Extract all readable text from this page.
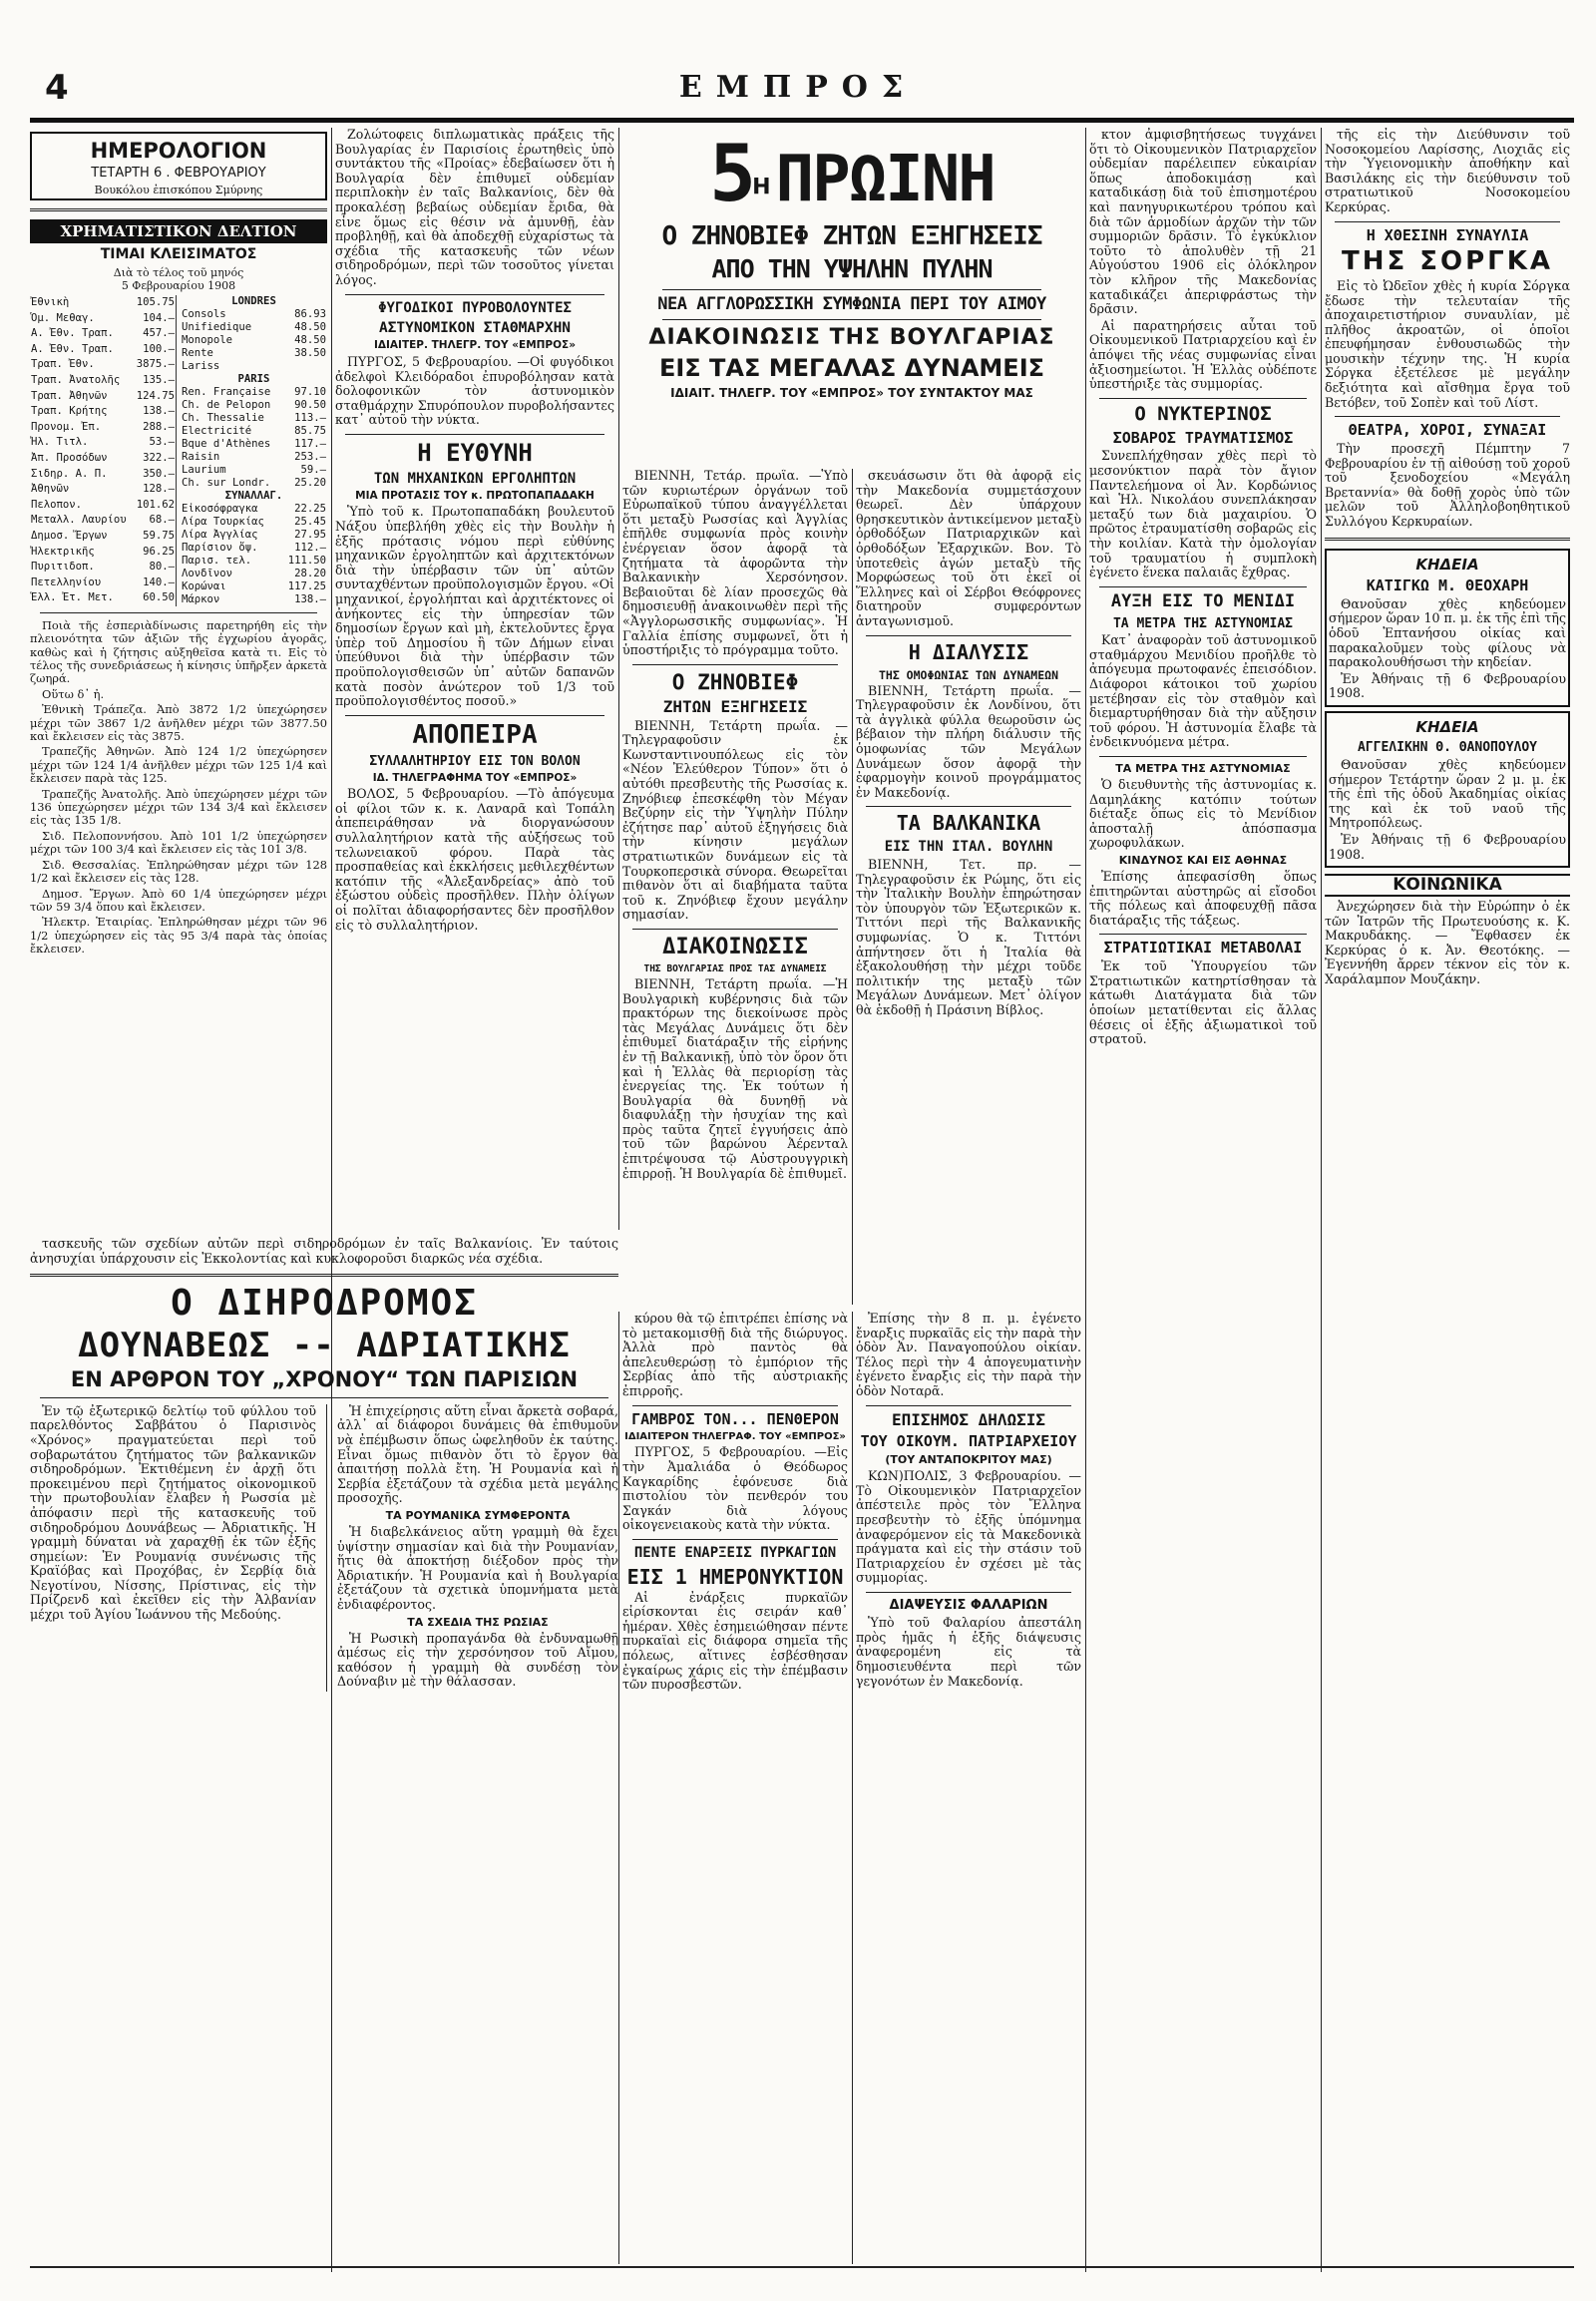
4	ΕΜΠΡΟΣ
ΗΜΕΡΟΛΟΓΙΟΝ
ΤΕΤΑΡΤΗ 6 . ΦΕΒΡΟΥΑΡΙΟΥ
Βουκόλου ἐπισκόπου Σμύρνης
ΧΡΗΜΑΤΙΣΤΙΚΟΝ ΔΕΛΤΙΟΝ
ΤΙΜΑΙ ΚΛΕΙΣΙΜΑΤΟΣ
Διὰ τὸ τέλος τοῦ μηνός
5 Φεβρουαρίου 1908
Ἐθνικὴ	105.75
Ὁμ. Μεθαγ.	104.—
Α. Ἐθν. Τραπ.	457.—
Α. Ἐθν. Τραπ.	100.—
Τραπ. Ἐθν.	3875.—
Τραπ. Ἀνατολῆς	135.—
Τραπ. Ἀθηνῶν	124.75
Τραπ. Κρήτης	138.—
Προνομ. Ἐπ.	288.—
Ἠλ. Τιτλ.	53.—
Ἀπ. Προσόδων	322.—
Σιδηρ. Α. Π.	350.—
Ἀθηνῶν	128.—
Πελοπον.	101.62
Μεταλλ. Λαυρίου	68.—
Δημοσ. Ἔργων	59.75
Ἠλεκτρικῆς	96.25
Πυριτιδοπ.	80.—
Πετελληνίου	140.—
Ἑλλ. Ἐτ. Μετ.	60.50
LONDRES	
Consols	86.93
Unifiedique	48.50
Monopole	48.50
Rente	38.50
Lariss	
PARIS	
Ren. Française	97.10
Ch. de Pelopon	90.50
Ch. Thessalie	113.—
Electricité	85.75
Bque d'Athènes	117.—
Raisin	253.—
Laurium	59.—
Ch. sur Londr.	25.20
ΣΥΝΑΛΛΑΓ.	
Εἰκοσόφραγκα	22.25
Λίρα Τουρκίας	25.45
Λίρα Ἀγγλίας	27.95
Παρίσιον ὄψ.	112.—
Παρισ. τελ.	111.50
Λονδῖνον	28.20
Κορώναι	117.25
Μάρκον	138.—

Ποιὰ τῆς ἑσπεριὰδίνωσις παρετηρήθη εἰς τὴν πλειονότητα τῶν ἀξιῶν τῆς ἐγχωρίου ἀγορᾶς, καθὼς καὶ ἡ ζήτησις αὐξηθεῖσα κατὰ τι. Εἰς τὸ τέλος τῆς συνεδριάσεως ἡ κίνησις ὑπῆρξεν ἀρκετὰ ζωηρά.

Οὕτω δ᾽ ἠ.

Ἐθνικὴ Τράπεζα. Ἀπὸ 3872 1/2 ὑπεχώρησεν μέχρι τῶν 3867 1/2 ἀνῆλθεν μέχρι τῶν 3877.50 καὶ ἔκλεισεν εἰς τὰς 3875.

Τραπεζῆς Ἀθηνῶν. Ἀπὸ 124 1/2 ὑπεχώρησεν μέχρι τῶν 124 1/4 ἀνῆλθεν μέχρι τῶν 125 1/4 καὶ ἔκλεισεν παρὰ τὰς 125.

Τραπεζῆς Ἀνατολῆς. Ἀπὸ ὑπεχώρησεν μέχρι τῶν 136 ὑπεχώρησεν μέχρι τῶν 134 3/4 καὶ ἔκλεισεν εἰς τὰς 135 1/8.

Σιδ. Πελοποννήσου. Ἀπὸ 101 1/2 ὑπεχώρησεν μέχρι τῶν 100 3/4 καὶ ἔκλεισεν εἰς τὰς 101 3/8.

Σιδ. Θεσσαλίας. Ἐπληρώθησαν μέχρι τῶν 128 1/2 καὶ ἔκλεισεν εἰς τὰς 128.

Δημοσ. Ἔργων. Ἀπὸ 60 1/4 ὑπεχώρησεν μέχρι τῶν 59 3/4 ὅπου καὶ ἔκλεισεν.

Ἠλεκτρ. Ἑταιρίας. Ἐπληρώθησαν μέχρι τῶν 96 1/2 ὑπεχώρησεν εἰς τὰς 95 3/4 παρὰ τὰς ὁποίας ἔκλεισεν.

Ζολώτοφεις διπλωματικὰς πράξεις τῆς Βουλγαρίας ἐν Παρισίοις ἐρωτηθεὶς ὑπὸ συντάκτου τῆς «Προίας» ἐδεβαίωσεν ὅτι ἡ Βουλγαρία δὲν ἐπιθυμεῖ οὐδεμίαν περιπλοκὴν ἐν ταῖς Βαλκανίοις, δὲν θὰ προκαλέσῃ βεβαίως οὐδεμίαν ἔριδα, θὰ εἶνε ὅμως εἰς θέσιν νὰ ἀμυνθῇ, ἐὰν προβληθῇ, καὶ θὰ ἀποδεχθῇ εὐχαρίστως τὰ σχέδια τῆς κατασκευῆς τῶν νέων σιδηροδρόμων, περὶ τῶν τοσοῦτος γίνεται λόγος.

ΦΥΓΟΔΙΚΟΙ ΠΥΡΟΒΟΛΟΥΝΤΕΣ
ΑΣΤΥΝΟΜΙΚΟΝ ΣΤΑΘΜΑΡΧΗΝ
ΙΔΙΑΙΤΕΡ. ΤΗΛΕΓΡ. ΤΟΥ «ΕΜΠΡΟΣ»

ΠΥΡΓΟΣ, 5 Φεβρουαρίου. —Οἱ φυγόδικοι ἀδελφοὶ Κλειδόραδοι ἐπυροβόλησαν κατὰ δολοφονικῶν τὸν ἀστυνομικὸν σταθμάρχην Σπυρόπουλον πυροβολήσαντες κατ᾽ αὐτοῦ τὴν νύκτα.

Η ΕΥΘΥΝΗ
ΤΩΝ ΜΗΧΑΝΙΚΩΝ ΕΡΓΟΛΗΠΤΩΝ
ΜΙΑ ΠΡΟΤΑΣΙΣ ΤΟΥ κ. ΠΡΩΤΟΠΑΠΑΔΑΚΗ

Ὑπὸ τοῦ κ. Πρωτοπαπαδάκη βουλευτοῦ Νάξου ὑπεβλήθη χθὲς εἰς τὴν Βουλὴν ἡ ἑξῆς πρότασις νόμου περὶ εὐθύνης μηχανικῶν ἐργοληπτῶν καὶ ἀρχιτεκτόνων διὰ τὴν ὑπέρβασιν τῶν ὑπ᾽ αὐτῶν συνταχθέντων προϋπολογισμῶν ἔργου. «Οἱ μηχανικοί, ἐργολήπται καὶ ἀρχιτέκτονες οἱ ἀνήκοντες εἰς τὴν ὑπηρεσίαν τῶν δημοσίων ἔργων καὶ μὴ, ἐκτελοῦντες ἔργα ὑπὲρ τοῦ Δημοσίου ἢ τῶν Δήμων εἶναι ὑπεύθυνοι διὰ τὴν ὑπέρβασιν τῶν προϋπολογισθεισῶν ὑπ᾽ αὐτῶν δαπανῶν κατὰ ποσὸν ἀνώτερον τοῦ 1/3 τοῦ προϋπολογισθέντος ποσοῦ.»

ΑΠΟΠΕΙΡΑ
ΣΥΛΛΑΛΗΤΗΡΙΟΥ ΕΙΣ ΤΟΝ ΒΟΛΟΝ
ΙΔ. ΤΗΛΕΓΡΑΦΗΜΑ ΤΟΥ «ΕΜΠΡΟΣ»

ΒΟΛΟΣ, 5 Φεβρουαρίου. —Τὸ ἀπόγευμα οἱ φίλοι τῶν κ. κ. Λαναρᾶ καὶ Τοπάλη ἀπεπειράθησαν νὰ διοργανώσουν συλλαλητήριον κατὰ τῆς αὐξήσεως τοῦ τελωνειακοῦ φόρου. Παρὰ τὰς προσπαθείας καὶ ἐκκλήσεις μεθιλεχθέντων κατόπιν τῆς «Ἀλεξανδρείας» ἀπὸ τοῦ ἐξώστου οὐδεὶς προσῆλθεν. Πλὴν ὀλίγων οἱ πολῖται ἀδιαφορήσαντες δὲν προσῆλθον εἰς τὸ συλλαλητήριον.

$5^H$ ΠΡΩΙΝΗ
Ο ΖΗΝΟΒΙΕΦ ΖΗΤΩΝ ΕΞΗΓΗΣΕΙΣ
ΑΠΟ ΤΗΝ ΥΨΗΛΗΝ ΠΥΛΗΝ
ΝΕΑ ΑΓΓΛΟΡΩΣΣΙΚΗ ΣΥΜΦΩΝΙΑ ΠΕΡΙ ΤΟΥ ΑΙΜΟΥ
ΔΙΑΚΟΙΝΩΣΙΣ ΤΗΣ ΒΟΥΛΓΑΡΙΑΣ
ΕΙΣ ΤΑΣ ΜΕΓΑΛΑΣ ΔΥΝΑΜΕΙΣ
ΙΔΙΑΙΤ. ΤΗΛΕΓΡ. ΤΟΥ «ΕΜΠΡΟΣ» ΤΟΥ ΣΥΝΤΑΚΤΟΥ ΜΑΣ

ΒΙΕΝΝΗ, Τετάρ. πρωΐα. —Ὑπὸ τῶν κυριωτέρων ὀργάνων τοῦ Εὐρωπαϊκοῦ τύπου ἀναγγέλλεται ὅτι μεταξὺ Ρωσσίας καὶ Ἀγγλίας ἐπῆλθε συμφωνία πρὸς κοινὴν ἐνέργειαν ὅσον ἀφορᾷ τὰ ζητήματα τὰ ἀφορῶντα τὴν Βαλκανικὴν Χερσόνησον. Βεβαιοῦται δὲ λίαν προσεχῶς θὰ δημοσιευθῇ ἀνακοινωθὲν περὶ τῆς «Ἀγγλορωσσικῆς συμφωνίας». Ἡ Γαλλία ἐπίσης συμφωνεῖ, ὅτι ἡ ὑποστήριξις τὸ πρόγραμμα τοῦτο.

Ο ΖΗΝΟΒΙΕΦ
ΖΗΤΩΝ ΕΞΗΓΗΣΕΙΣ

ΒΙΕΝΝΗ, Τετάρτη πρωΐα. —Τηλεγραφοῦσιν ἐκ Κωνσταντινουπόλεως εἰς τὸν «Νέον Ἐλεύθερον Τύπον» ὅτι ὁ αὐτόθι πρεσβευτὴς τῆς Ρωσσίας κ. Ζηνόβιεφ ἐπεσκέφθη τὸν Μέγαν Βεζύρην εἰς τὴν Ὑψηλὴν Πύλην ἐζήτησε παρ᾽ αὐτοῦ ἐξηγήσεις διὰ τὴν κίνησιν μεγάλων στρατιωτικῶν δυνάμεων εἰς τὰ Τουρκοπερσικὰ σύνορα. Θεωρεῖται πιθανὸν ὅτι αἱ διαβήματα ταῦτα τοῦ κ. Ζηνόβιεφ ἔχουν μεγάλην σημασίαν.

ΔΙΑΚΟΙΝΩΣΙΣ
ΤΗΣ ΒΟΥΛΓΑΡΙΑΣ ΠΡΟΣ ΤΑΣ ΔΥΝΑΜΕΙΣ

ΒΙΕΝΝΗ, Τετάρτη πρωΐα. —Ἡ Βουλγαρικὴ κυβέρνησις διὰ τῶν πρακτόρων της διεκοίνωσε πρὸς τὰς Μεγάλας Δυνάμεις ὅτι δὲν ἐπιθυμεῖ διατάραξιν τῆς εἰρήνης ἐν τῇ Βαλκανικῇ, ὑπὸ τὸν ὅρον ὅτι καὶ ἡ Ἑλλὰς θὰ περιορίσῃ τὰς ἐνεργείας της. Ἐκ τούτων ἡ Βουλγαρία θὰ δυνηθῇ νὰ διαφυλάξῃ τὴν ἡσυχίαν της καὶ πρὸς ταῦτα ζητεῖ ἐγγυήσεις ἀπὸ τοῦ τῶν βαρώνου Ἀέρενταλ ἐπιτρέψουσα τῷ Αὐστρουγγρικὴ ἐπιρροῇ. Ἡ Βουλγαρία δὲ ἐπιθυμεῖ.

σκευάσωσιν ὅτι θὰ ἀφορᾷ εἰς τὴν Μακεδονία συμμετάσχουν θεωρεῖ. Δὲν ὑπάρχουν θρησκευτικὸν ἀντικείμενον μεταξὺ ὀρθοδόξων Πατριαρχικῶν καὶ ὀρθοδόξων Ἐξαρχικῶν. Βον. Τὸ ὑποτεθεὶς ἀγών μεταξὺ τῆς Μορφώσεως τοῦ ὅτι ἐκεῖ οἱ Ἕλληνες καὶ οἱ Σέρβοι Θεόφρονες διατηροῦν συμφερόντων ἀνταγωνισμοῦ.

Η ΔΙΑΛΥΣΙΣ
ΤΗΣ ΟΜΟΦΩΝΙΑΣ ΤΩΝ ΔΥΝΑΜΕΩΝ

ΒΙΕΝΝΗ, Τετάρτη πρωΐα. —Τηλεγραφοῦσιν ἐκ Λονδίνου, ὅτι τὰ ἀγγλικὰ φύλλα θεωροῦσιν ὡς βέβαιον τὴν πλήρη διάλυσιν τῆς ὁμοφωνίας τῶν Μεγάλων Δυνάμεων ὅσον ἀφορᾷ τὴν ἐφαρμογὴν κοινοῦ προγράμματος ἐν Μακεδονίᾳ.

ΤΑ ΒΑΛΚΑΝΙΚΑ
ΕΙΣ ΤΗΝ ΙΤΑΛ. ΒΟΥΛΗΝ

ΒΙΕΝΝΗ, Τετ. πρ. —Τηλεγραφοῦσιν ἐκ Ρώμης, ὅτι εἰς τὴν Ἰταλικὴν Βουλὴν ἐπηρώτησαν τὸν ὑπουργὸν τῶν Ἐξωτερικῶν κ. Τιττόνι περὶ τῆς Βαλκανικῆς συμφωνίας. Ὁ κ. Τιττόνι ἀπήντησεν ὅτι ἡ Ἰταλία θὰ ἐξακολουθήσῃ τὴν μέχρι τοῦδε πολιτικήν της μεταξὺ τῶν Μεγάλων Δυνάμεων. Μετ᾽ ὀλίγον θὰ ἐκδοθῇ ἡ Πράσινη Βίβλος.

κτον ἀμφισβητήσεως τυγχάνει ὅτι τὸ Οἰκουμενικὸν Πατριαρχεῖον οὐδεμίαν παρέλειπεν εὐκαιρίαν ὅπως ἀποδοκιμάσῃ καὶ καταδικάσῃ διὰ τοῦ ἐπισημοτέρου καὶ πανηγυρικωτέρου τρόπου καὶ διὰ τῶν ἁρμοδίων ἀρχῶν τὴν τῶν συμμοριῶν δρᾶσιν. Τὸ ἐγκύκλιον τοῦτο τὸ ἀπολυθὲν τῇ 21 Αὐγούστου 1906 εἰς ὁλόκληρον τὸν κλῆρον τῆς Μακεδονίας καταδικάζει ἀπεριφράστως τὴν δρᾶσιν.

Αἱ παρατηρήσεις αὗται τοῦ Οἰκουμενικοῦ Πατριαρχείου καὶ ἐν ἀπόψει τῆς νέας συμφωνίας εἶναι ἀξιοσημείωτοι. Ἡ Ἑλλὰς οὐδέποτε ὑπεστήριξε τὰς συμμορίας.

Ο ΝΥΚΤΕΡΙΝΟΣ
ΣΟΒΑΡΟΣ ΤΡΑΥΜΑΤΙΣΜΟΣ

Συνεπλήχθησαν χθὲς περὶ τὸ μεσονύκτιον παρὰ τὸν ἄγιον Παντελεήμονα οἱ Ἀν. Κορδώνιος καὶ Ἡλ. Νικολάου συνεπλάκησαν μεταξύ των διὰ μαχαιρίου. Ὁ πρῶτος ἐτραυματίσθη σοβαρῶς εἰς τὴν κοιλίαν. Κατὰ τὴν ὁμολογίαν τοῦ τραυματίου ἡ συμπλοκὴ ἐγένετο ἕνεκα παλαιᾶς ἔχθρας.

ΑΥΞΗ ΕΙΣ ΤΟ ΜΕΝΙΔΙ
ΤΑ ΜΕΤΡΑ ΤΗΣ ΑΣΤΥΝΟΜΙΑΣ

Κατ᾽ ἀναφορὰν τοῦ ἀστυνομικοῦ σταθμάρχου Μενιδίου προῆλθε τὸ ἀπόγευμα πρωτοφανές ἐπεισόδιον. Διάφοροι κάτοικοι τοῦ χωρίου μετέβησαν εἰς τὸν σταθμὸν καὶ διεμαρτυρήθησαν διὰ τὴν αὔξησιν τοῦ φόρου. Ἡ ἀστυνομία ἔλαβε τὰ ἐνδεικνυόμενα μέτρα.

ΤΑ ΜΕΤΡΑ ΤΗΣ ΑΣΤΥΝΟΜΙΑΣ

Ὁ διευθυντὴς τῆς ἀστυνομίας κ. Δαμηλάκης κατόπιν τούτων διέταξε ὅπως εἰς τὸ Μενίδιον ἀποσταλῇ ἀπόσπασμα χωροφυλάκων.

ΚΙΝΔΥΝΟΣ ΚΑΙ ΕΙΣ ΑΘΗΝΑΣ

Ἐπίσης ἀπεφασίσθη ὅπως ἐπιτηρῶνται αὐστηρῶς αἱ εἴσοδοι τῆς πόλεως καὶ ἀποφευχθῇ πᾶσα διατάραξις τῆς τάξεως.

ΣΤΡΑΤΙΩΤΙΚΑΙ ΜΕΤΑΒΟΛΑΙ

Ἐκ τοῦ Ὑπουργείου τῶν Στρατιωτικῶν κατηρτίσθησαν τὰ κάτωθι Διατάγματα διὰ τῶν ὁποίων μετατίθενται εἰς ἄλλας θέσεις οἱ ἑξῆς ἀξιωματικοὶ τοῦ στρατοῦ.

τῆς εἰς τὴν Διεύθυνσιν τοῦ Νοσοκομείου Λαρίσσης, Λιοχιᾶς εἰς τὴν Ὑγειονομικὴν ἀποθήκην καὶ Βασιλάκης εἰς τὴν διεύθυνσιν τοῦ στρατιωτικοῦ Νοσοκομείου Κερκύρας.

Η ΧΘΕΣΙΝΗ ΣΥΝΑΥΛΙΑ
ΤΗΣ ΣΟΡΓΚΑ

Εἰς τὸ Ὠδεῖον χθὲς ἡ κυρία Σόργκα ἔδωσε τὴν τελευταίαν τῆς ἀποχαιρετιστήριον συναυλίαν, μὲ πλῆθος ἀκροατῶν, οἱ ὁποῖοι ἐπευφήμησαν ἐνθουσιωδῶς τὴν μουσικὴν τέχνην της. Ἡ κυρία Σόργκα ἐξετέλεσε μὲ μεγάλην δεξιότητα καὶ αἴσθημα ἔργα τοῦ Βετόβεν, τοῦ Σοπὲν καὶ τοῦ Λίστ.

ΘΕΑΤΡΑ, ΧΟΡΟΙ, ΣΥΝΑΞΑΙ

Τὴν προσεχῆ Πέμπτην 7 Φεβρουαρίου ἐν τῇ αἰθούσῃ τοῦ χοροῦ τοῦ ξενοδοχείου «Μεγάλη Βρεταννία» θὰ δοθῇ χορὸς ὑπὸ τῶν μελῶν τοῦ Ἀλληλοβοηθητικοῦ Συλλόγου Κερκυραίων.

ΚΗΔΕΙΑ
ΚΑΤΙΓΚΩ Μ. ΘΕΟΧΑΡΗ

Θανοῦσαν χθὲς κηδεύομεν σήμερον ὥραν 10 π. μ. ἐκ τῆς ἐπὶ τῆς ὁδοῦ Ἐπτανήσου οἰκίας καὶ παρακαλοῦμεν τοὺς φίλους νὰ παρακολουθήσωσι τὴν κηδείαν.

Ἐν Ἀθήναις τῇ 6 Φεβρουαρίου 1908.

ΚΗΔΕΙΑ
ΑΓΓΕΛΙΚΗΝ Θ. ΘΑΝΟΠΟΥΛΟΥ

Θανοῦσαν χθὲς κηδεύομεν σήμερον Τετάρτην ὥραν 2 μ. μ. ἐκ τῆς ἐπὶ τῆς ὁδοῦ Ἀκαδημίας οἰκίας της καὶ ἐκ τοῦ ναοῦ τῆς Μητροπόλεως.

Ἐν Ἀθήναις τῇ 6 Φεβρουαρίου 1908.

ΚΟΙΝΩΝΙΚΑ

Ἀνεχώρησεν διὰ τὴν Εὐρώπην ὁ ἐκ τῶν Ἰατρῶν τῆς Πρωτευούσης κ. Κ. Μακρυδάκης. — Ἔφθασεν ἐκ Κερκύρας ὁ κ. Ἀν. Θεοτόκης. — Ἐγεννήθη ἄρρεν τέκνον εἰς τὸν κ. Χαράλαμπον Μουζάκην.

τασκευῆς τῶν σχεδίων αὐτῶν περὶ σιδηροδρόμων ἐν ταῖς Βαλκανίοις. Ἐν ταύτοις ἀνησυχίαι ὑπάρχουσιν εἰς Ἐκκολοντίας καὶ κυκλοφοροῦσι διαρκῶς νέα σχέδια.

Ο ΔΙΗΡΟΔΡΟΜΟΣ
ΔΟΥΝΑΒΕΩΣ -- ΑΔΡΙΑΤΙΚΗΣ
ΕΝ ΑΡΘΡΟΝ ΤΟΥ „ΧΡΟΝΟΥ“ ΤΩΝ ΠΑΡΙΣΙΩΝ

Ἐν τῷ ἐξωτερικῷ δελτίῳ τοῦ φύλλου τοῦ παρελθόντος Σαββάτου ὁ Παρισινὸς «Χρόνος» πραγματεύεται περὶ τοῦ σοβαρωτάτου ζητήματος τῶν βαλκανικῶν σιδηροδρόμων. Ἐκτιθέμενη ἐν ἀρχῇ ὅτι προκειμένου περὶ ζητήματος οἰκονομικοῦ τὴν πρωτοβουλίαν ἔλαβεν ἡ Ρωσσία μὲ ἀπόφασιν περὶ τῆς κατασκευῆς τοῦ σιδηροδρόμου Δουνάβεως — Ἀδριατικῆς. Ἡ γραμμὴ δύναται νὰ χαραχθῇ ἐκ τῶν ἐξῆς σημείων: Ἐν Ρουμανίᾳ συνένωσις τῆς Κραϊόβας καὶ Προχόβας, ἐν Σερβίᾳ διὰ Νεγοτίνου, Νίσσης, Πρίστινας, εἰς τὴν Πρίζρενδ καὶ ἐκεῖθεν εἰς τὴν Ἀλβανίαν μέχρι τοῦ Ἁγίου Ἰωάννου τῆς Μεδούης.

Ἡ ἐπιχείρησις αὕτη εἶναι ἄρκετὰ σοβαρά, ἀλλ᾽ αἱ διάφοροι δυνάμεις θὰ ἐπιθυμοῦν νὰ ἐπέμβωσιν ὅπως ὠφεληθοῦν ἐκ ταύτης. Εἶναι ὅμως πιθανὸν ὅτι τὸ ἔργον θὰ ἀπαιτήσῃ πολλὰ ἔτη. Ἡ Ρουμανία καὶ ἡ Σερβία ἐξετάζουν τὰ σχέδια μετὰ μεγάλης προσοχῆς.

ΤΑ ΡΟΥΜΑΝΙΚΑ ΣΥΜΦΕΡΟΝΤΑ

Ἡ διαβελκάνειος αὕτη γραμμὴ θὰ ἔχει ὑψίστην σημασίαν καὶ διὰ τὴν Ρουμανίαν, ἥτις θὰ ἀποκτήσῃ διέξοδον πρὸς τὴν Ἀδριατικήν. Ἡ Ρουμανία καὶ ἡ Βουλγαρία ἐξετάζουν τὰ σχετικὰ ὑπομνήματα μετὰ ἐνδιαφέροντος.

ΤΑ ΣΧΕΔΙΑ ΤΗΣ ΡΩΣΙΑΣ

Ἡ Ρωσικὴ προπαγάνδα θὰ ἐνδυναμωθῇ ἀμέσως εἰς τὴν χερσόνησον τοῦ Αἴμου, καθόσον ἡ γραμμὴ θὰ συνδέσῃ τὸν Δούναβιν μὲ τὴν θάλασσαν.

κύρου θὰ τῷ ἐπιτρέπει ἐπίσης νὰ τὸ μετακομισθῇ διὰ τῆς διώρυγος. Ἀλλὰ πρὸ παντὸς θὰ ἀπελευθερώσῃ τὸ ἐμπόριον τῆς Σερβίας ἀπὸ τῆς αὐστριακῆς ἐπιρροῆς.

ΓΑΜΒΡΟΣ ΤΟΝ... ΠΕΝΘΕΡΟΝ
ΙΔΙΑΙΤΕΡΟΝ ΤΗΛΕΓΡΑΦ. ΤΟΥ «ΕΜΠΡΟΣ»

ΠΥΡΓΟΣ, 5 Φεβρουαρίου. —Εἰς τὴν Ἀμαλιάδα ὁ Θεόδωρος Καγκαρίδης ἐφόνευσε διὰ πιστολίου τὸν πενθερόν του Σαγκάν διὰ λόγους οἰκογενειακοὺς κατὰ τὴν νύκτα.

ΠΕΝΤΕ ΕΝΑΡΞΕΙΣ ΠΥΡΚΑΓΙΩΝ
ΕΙΣ 1 ΗΜΕΡΟΝΥΚΤΙΟΝ

Αἱ ἐνάρξεις πυρκαϊῶν εἰρίσκονται ἐις σειράν καθ᾽ ἡμέραν. Χθὲς ἐσημειώθησαν πέντε πυρκαϊαὶ εἰς διάφορα σημεῖα τῆς πόλεως, αἵτινες ἐσβέσθησαν ἐγκαίρως χάρις εἰς τὴν ἐπέμβασιν τῶν πυροσβεστῶν.

Ἐπίσης τὴν 8 π. μ. ἐγένετο ἔναρξις πυρκαϊᾶς εἰς τὴν παρὰ τὴν ὁδὸν Ἀν. Παναγοπούλου οἰκίαν. Τέλος περὶ τὴν 4 ἀπογευματινὴν ἐγένετο ἔναρξις εἰς τὴν παρὰ τὴν ὁδὸν Νοταρᾶ.

ΕΠΙΣΗΜΟΣ ΔΗΛΩΣΙΣ
ΤΟΥ ΟΙΚΟΥΜ. ΠΑΤΡΙΑΡΧΕΙΟΥ
(ΤΟΥ ΑΝΤΑΠΟΚΡΙΤΟΥ ΜΑΣ)

ΚΩΝ)ΠΟΛΙΣ, 3 Φεβρουαρίου. —Τὸ Οἰκουμενικὸν Πατριαρχεῖον ἀπέστειλε πρὸς τὸν Ἔλληνα πρεσβευτὴν τὸ ἐξῆς ὑπόμνημα ἀναφερόμενον εἰς τὰ Μακεδονικὰ πράγματα καὶ εἰς τὴν στάσιν τοῦ Πατριαρχείου ἐν σχέσει μὲ τὰς συμμορίας.

ΔΙΑΨΕΥΣΙΣ ΦΑΛΑΡΙΩΝ

Ὑπὸ τοῦ Φαλαρίου ἀπεστάλη πρὸς ἡμᾶς ἡ ἑξῆς διάψευσις ἀναφερομένη εἰς τὰ δημοσιευθέντα περὶ τῶν γεγονότων ἐν Μακεδονίᾳ.
